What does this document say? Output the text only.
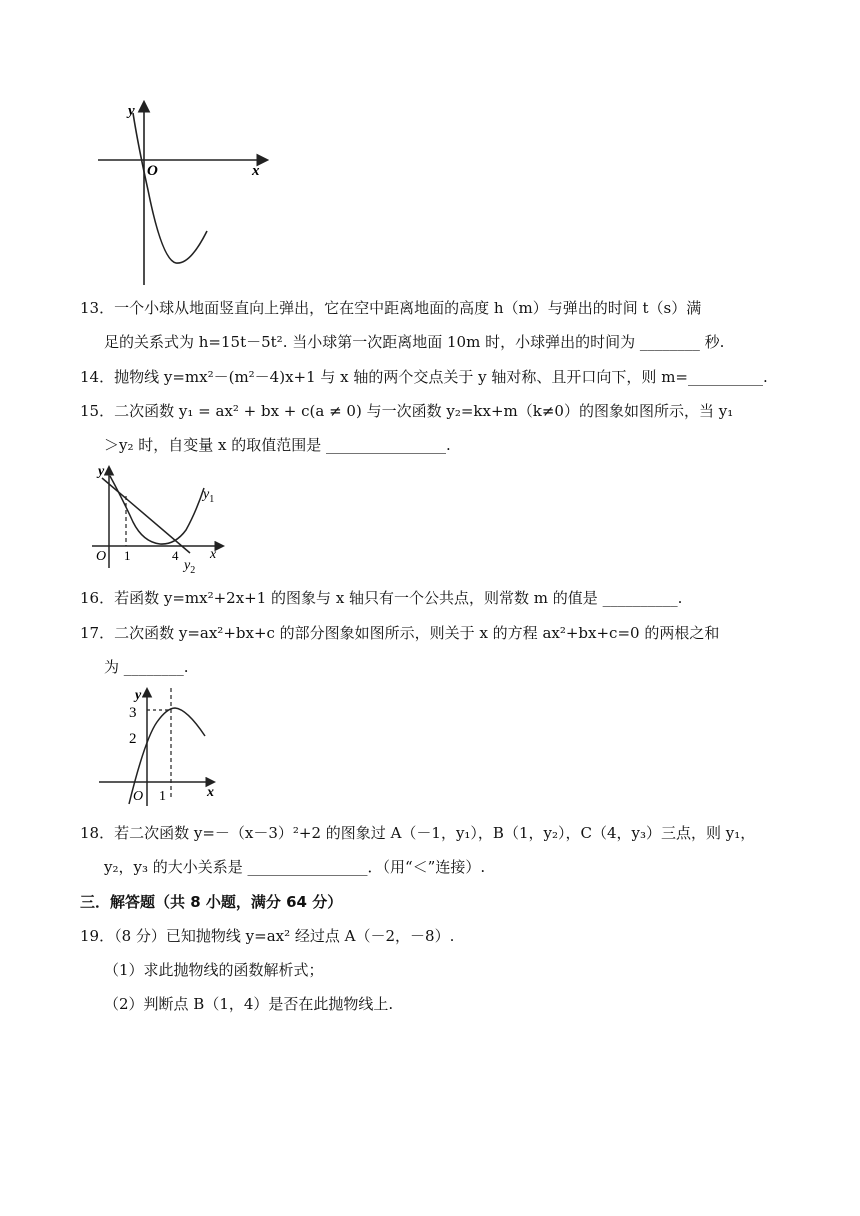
y
O	x
13．一个小球从地面竖直向上弹出，它在空中距离地面的高度 h（m）与弹出的时间 t（s）满
足的关系式为 h=15t－5t². 当小球第一次距离地面 10m 时，小球弹出的时间为 ________ 秒.
14．抛物线 y=mx²－(m²－4)x+1 与 x 轴的两个交点关于 y 轴对称、且开口向下，则 m=__________.
15．二次函数 y₁ = ax² + bx + c(a ≠ 0) 与一次函数 y₂=kx+m（k≠0）的图象如图所示，当 y₁
＞y₂ 时，自变量 x 的取值范围是 ________________.
y
$y_1$
O 1	4 x
$y_2$
16．若函数 y=mx²+2x+1 的图象与 x 轴只有一个公共点，则常数 m 的值是 __________.
17．二次函数 y=ax²+bx+c 的部分图象如图所示，则关于 x 的方程 ax²+bx+c=0 的两根之和
为 ________.
y
3
2
O 1	x
18．若二次函数 y=－（x－3）²+2 的图象过 A（－1，y₁），B（1，y₂），C（4，y₃）三点，则 y₁，
y₂，y₃ 的大小关系是 ________________．（用“＜”连接）.
三．解答题（共 8 小题，满分 64 分）
19．（8 分）已知抛物线 y=ax² 经过点 A（－2，－8）.
（1）求此抛物线的函数解析式；
（2）判断点 B（1，4）是否在此抛物线上.
